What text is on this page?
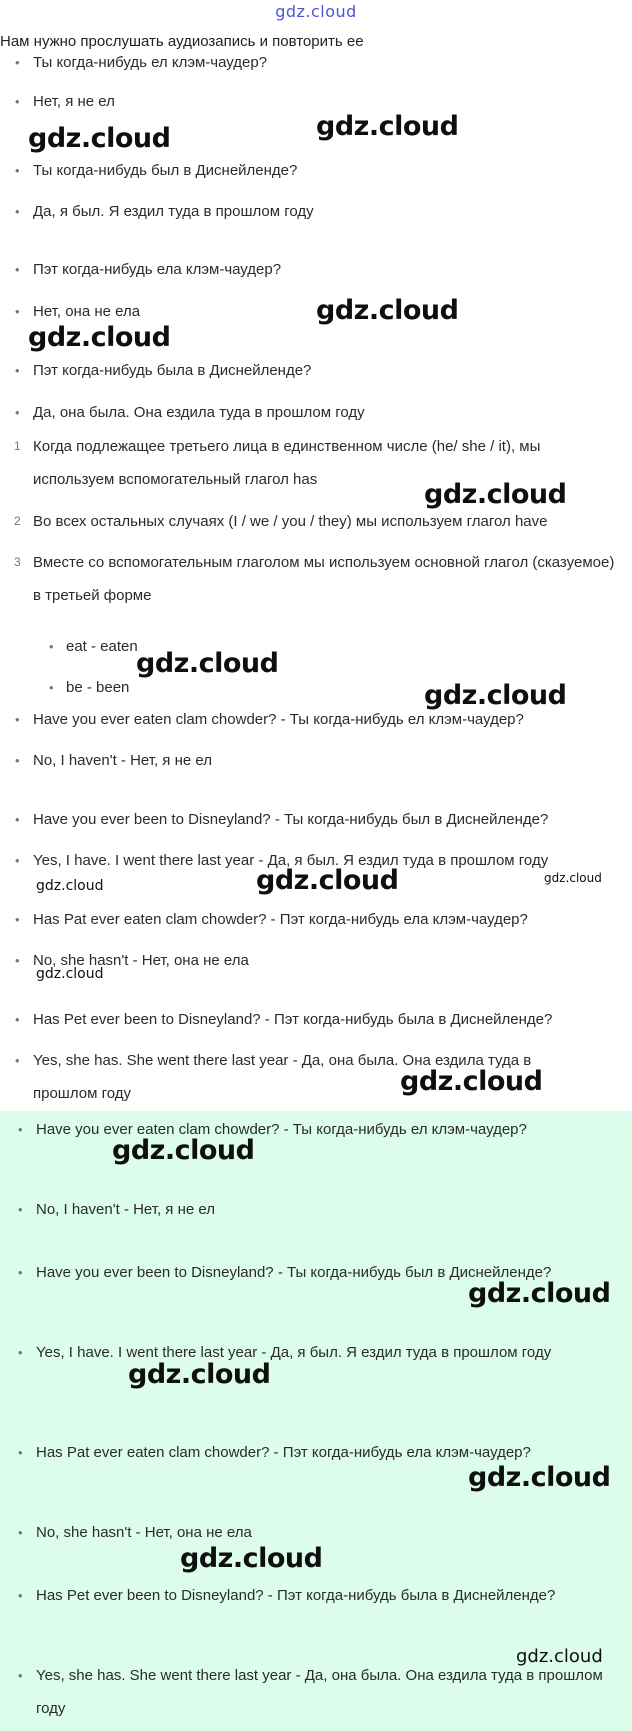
gdz.cloud
Нам нужно прослушать аудиозапись и повторить ее
• Ты когда-нибудь ел клэм-чаудер?
• Нет, я не ел
• Ты когда-нибудь был в Диснейленде?
• Да, я был. Я ездил туда в прошлом году
• Пэт когда-нибудь ела клэм-чаудер?
• Нет, она не ела
• Пэт когда-нибудь была в Диснейленде?
• Да, она была. Она ездила туда в прошлом году
1 Когда подлежащее третьего лица в единственном числе (he/ she / it), мы используем вспомогательный глагол has
2 Во всех остальных случаях (I / we / you / they) мы используем глагол have
3 Вместе со вспомогательным глаголом мы используем основной глагол (сказуемое) в третьей форме
• eat - eaten
• be - been
• Have you ever eaten clam chowder? - Ты когда-нибудь ел клэм-чаудер?
• No, I haven't - Нет, я не ел
• Have you ever been to Disneyland? - Ты когда-нибудь был в Диснейленде?
• Yes, I have. I went there last year - Да, я был. Я ездил туда в прошлом году
• Has Pat ever eaten clam chowder? - Пэт когда-нибудь ела клэм-чаудер?
• No, she hasn't - Нет, она не ела
• Has Pet ever been to Disneyland? - Пэт когда-нибудь была в Диснейленде?
• Yes, she has. She went there last year - Да, она была. Она ездила туда в прошлом году
• Have you ever eaten clam chowder? - Ты когда-нибудь ел клэм-чаудер?
• No, I haven't - Нет, я не ел
• Have you ever been to Disneyland? - Ты когда-нибудь был в Диснейленде?
• Yes, I have. I went there last year - Да, я был. Я ездил туда в прошлом году
• Has Pat ever eaten clam chowder? - Пэт когда-нибудь ела клэм-чаудер?
• No, she hasn't - Нет, она не ела
• Has Pet ever been to Disneyland? - Пэт когда-нибудь была в Диснейленде?
• Yes, she has. She went there last year - Да, она была. Она ездила туда в прошлом году
gdz.cloud	gdz.cloud
gdz.cloud
gdz.cloud
gdz.cloud
gdz.cloud
gdz.cloud
gdz.cloud	gdz.cloud	gdz.cloud
gdz.cloud
gdz.cloud
gdz.cloud
gdz.cloud
gdz.cloud
gdz.cloud
gdz.cloud
gdz.cloud
